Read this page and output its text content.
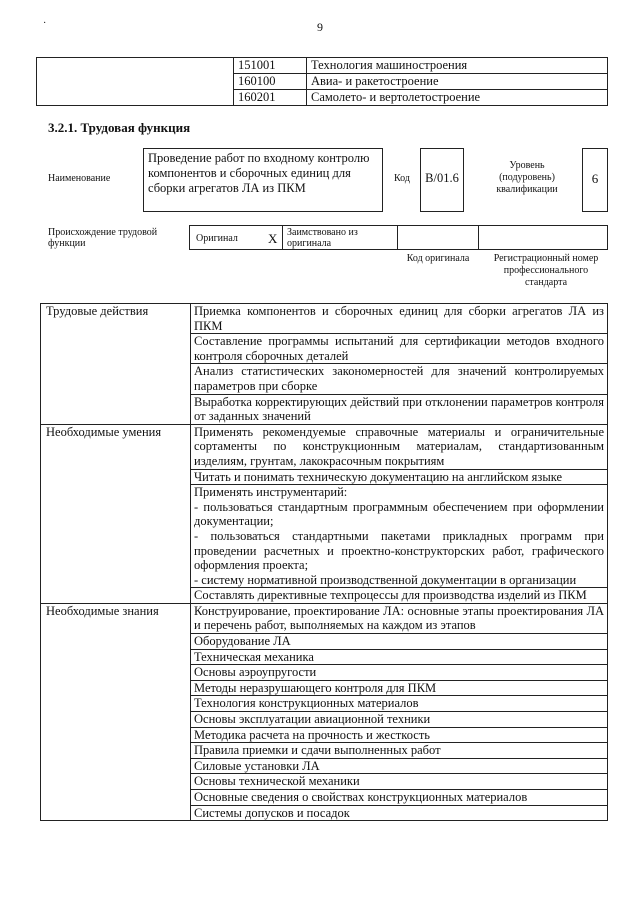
·	9
	151001	Технология машиностроения
	160100	Авиа- и ракетостроение
	160201	Самолето- и вертолетостроение
3.2.1. Трудовая функция
Наименование
Проведение работ по входному контролю компонентов и сборочных единиц для сборки агрегатов ЛА из ПКМ
Код	B/01.6
Уровень (подуровень) квалификации
6
Происхождение трудовой функции	Оригинал X Заимствовано из оригинала
Код оригинала	Регистрационный номер профессионального стандарта
Трудовые действия	Приемка компонентов и сборочных единиц для сборки агрегатов ЛА из ПКМ
	Составление программы испытаний для сертификации методов входного контроля сборочных деталей
	Анализ статистических закономерностей для значений контролируемых параметров при сборке
	Выработка корректирующих действий при отклонении параметров контроля от заданных значений
Необходимые умения	Применять рекомендуемые справочные материалы и ограничительные сортаменты по конструкционным материалам, стандартизованным изделиям, грунтам, лакокрасочным покрытиям
	Читать и понимать техническую документацию на английском языке
	Применять инструментарий:
- пользоваться стандартным программным обеспечением при оформлении документации;
- пользоваться стандартными пакетами прикладных программ при проведении расчетных и проектно-конструкторских работ, графического оформления проекта;
- систему нормативной производственной документации в организации
	Составлять директивные техпроцессы для производства изделий из ПКМ
Необходимые знания	Конструирование, проектирование ЛА: основные этапы проектирования ЛА и перечень работ, выполняемых на каждом из этапов
	Оборудование ЛА
	Техническая механика
	Основы аэроупругости
	Методы неразрушающего контроля для ПКМ
	Технология конструкционных материалов
	Основы эксплуатации авиационной техники
	Методика расчета на прочность и жесткость
	Правила приемки и сдачи выполненных работ
	Силовые установки ЛА
	Основы технической механики
	Основные сведения о свойствах конструкционных материалов
	Системы допусков и посадок
